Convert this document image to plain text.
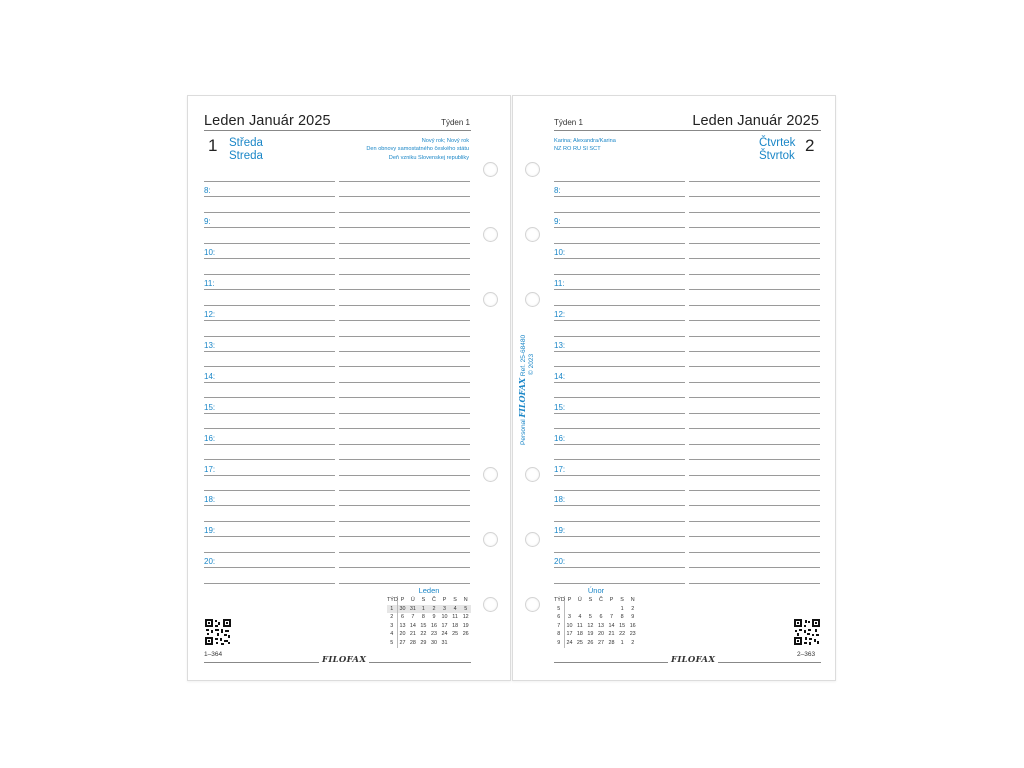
Leden Január 2025	Týden 1
1 Středa
Streda
Nový rok; Nový rok
Den obnovy samostatného českého státu
Deň vzniku Slovenskej republiky
8:
9:
10:
11:
12:
13:
14:
15:
16:
17:
18:
19:
20:
Leden
TÝD	P	Ú	S	Č	P	S	N
1	30	31	1	2	3	4	5
2	6	7	8	9	10	11	12
3	13	14	15	16	17	18	19
4	20	21	22	23	24	25	26
5	27	28	29	30	31		
1–364
FILOFAX
Týden 1	Leden Január 2025
Karina; Alexandra/Karina
NZ RO RU SI SCT
Čtvrtek
Štvrtok
2
8:
9:
10:
11:
12:
13:
14:
15:
16:
17:
18:
19:
20:
Únor
TÝD	P	Ú	S	Č	P	S	N
5						1	2
6	3	4	5	6	7	8	9
7	10	11	12	13	14	15	16
8	17	18	19	20	21	22	23
9	24	25	26	27	28	1	2
2–363
FILOFAX
Personal FILOFAX Ref. 25-68480
© 2023
